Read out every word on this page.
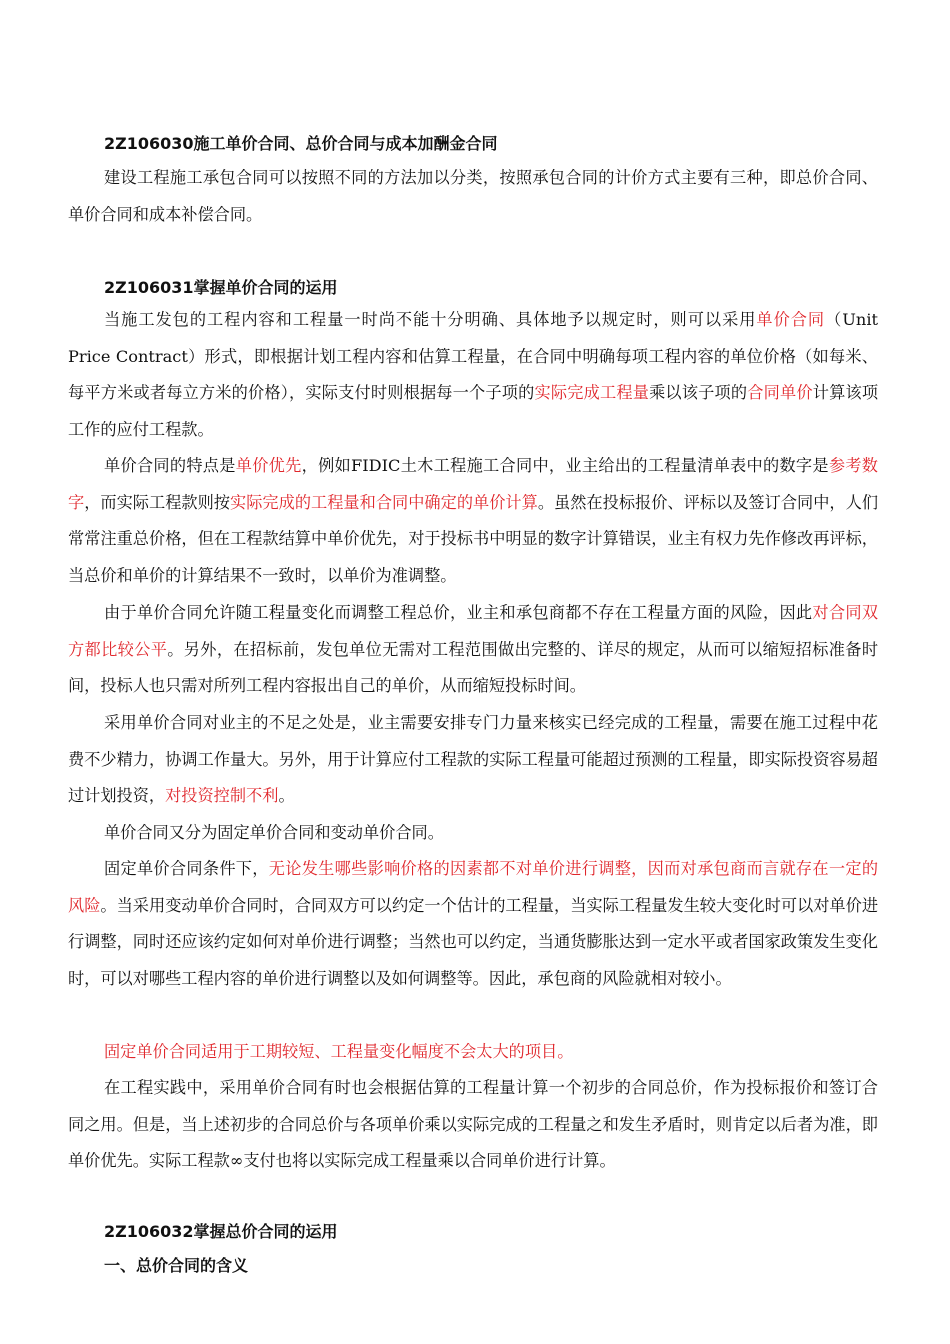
2Z106030施工单价合同、总价合同与成本加酬金合同

建设工程施工承包合同可以按照不同的方法加以分类，按照承包合同的计价方式主要有三种，即总价合同、单价合同和成本补偿合同。

2Z106031掌握单价合同的运用

当施工发包的工程内容和工程量一时尚不能十分明确、具体地予以规定时，则可以采用单价合同（Unit Price Contract）形式，即根据计划工程内容和估算工程量，在合同中明确每项工程内容的单位价格（如每米、每平方米或者每立方米的价格），实际支付时则根据每一个子项的实际完成工程量乘以该子项的合同单价计算该项工作的应付工程款。

单价合同的特点是单价优先，例如FIDIC土木工程施工合同中，业主给出的工程量清单表中的数字是参考数字，而实际工程款则按实际完成的工程量和合同中确定的单价计算。虽然在投标报价、评标以及签订合同中，人们常常注重总价格，但在工程款结算中单价优先，对于投标书中明显的数字计算错误，业主有权力先作修改再评标，当总价和单价的计算结果不一致时，以单价为准调整。

由于单价合同允许随工程量变化而调整工程总价，业主和承包商都不存在工程量方面的风险，因此对合同双方都比较公平。另外，在招标前，发包单位无需对工程范围做出完整的、详尽的规定，从而可以缩短招标准备时间，投标人也只需对所列工程内容报出自己的单价，从而缩短投标时间。

采用单价合同对业主的不足之处是，业主需要安排专门力量来核实已经完成的工程量，需要在施工过程中花费不少精力，协调工作量大。另外，用于计算应付工程款的实际工程量可能超过预测的工程量，即实际投资容易超过计划投资，对投资控制不利。

单价合同又分为固定单价合同和变动单价合同。

固定单价合同条件下，无论发生哪些影响价格的因素都不对单价进行调整，因而对承包商而言就存在一定的风险。当采用变动单价合同时，合同双方可以约定一个估计的工程量，当实际工程量发生较大变化时可以对单价进行调整，同时还应该约定如何对单价进行调整；当然也可以约定，当通货膨胀达到一定水平或者国家政策发生变化时，可以对哪些工程内容的单价进行调整以及如何调整等。因此，承包商的风险就相对较小。

固定单价合同适用于工期较短、工程量变化幅度不会太大的项目。

在工程实践中，采用单价合同有时也会根据估算的工程量计算一个初步的合同总价，作为投标报价和签订合同之用。但是，当上述初步的合同总价与各项单价乘以实际完成的工程量之和发生矛盾时，则肯定以后者为准，即单价优先。实际工程款∞支付也将以实际完成工程量乘以合同单价进行计算。

2Z106032掌握总价合同的运用
一、总价合同的含义
